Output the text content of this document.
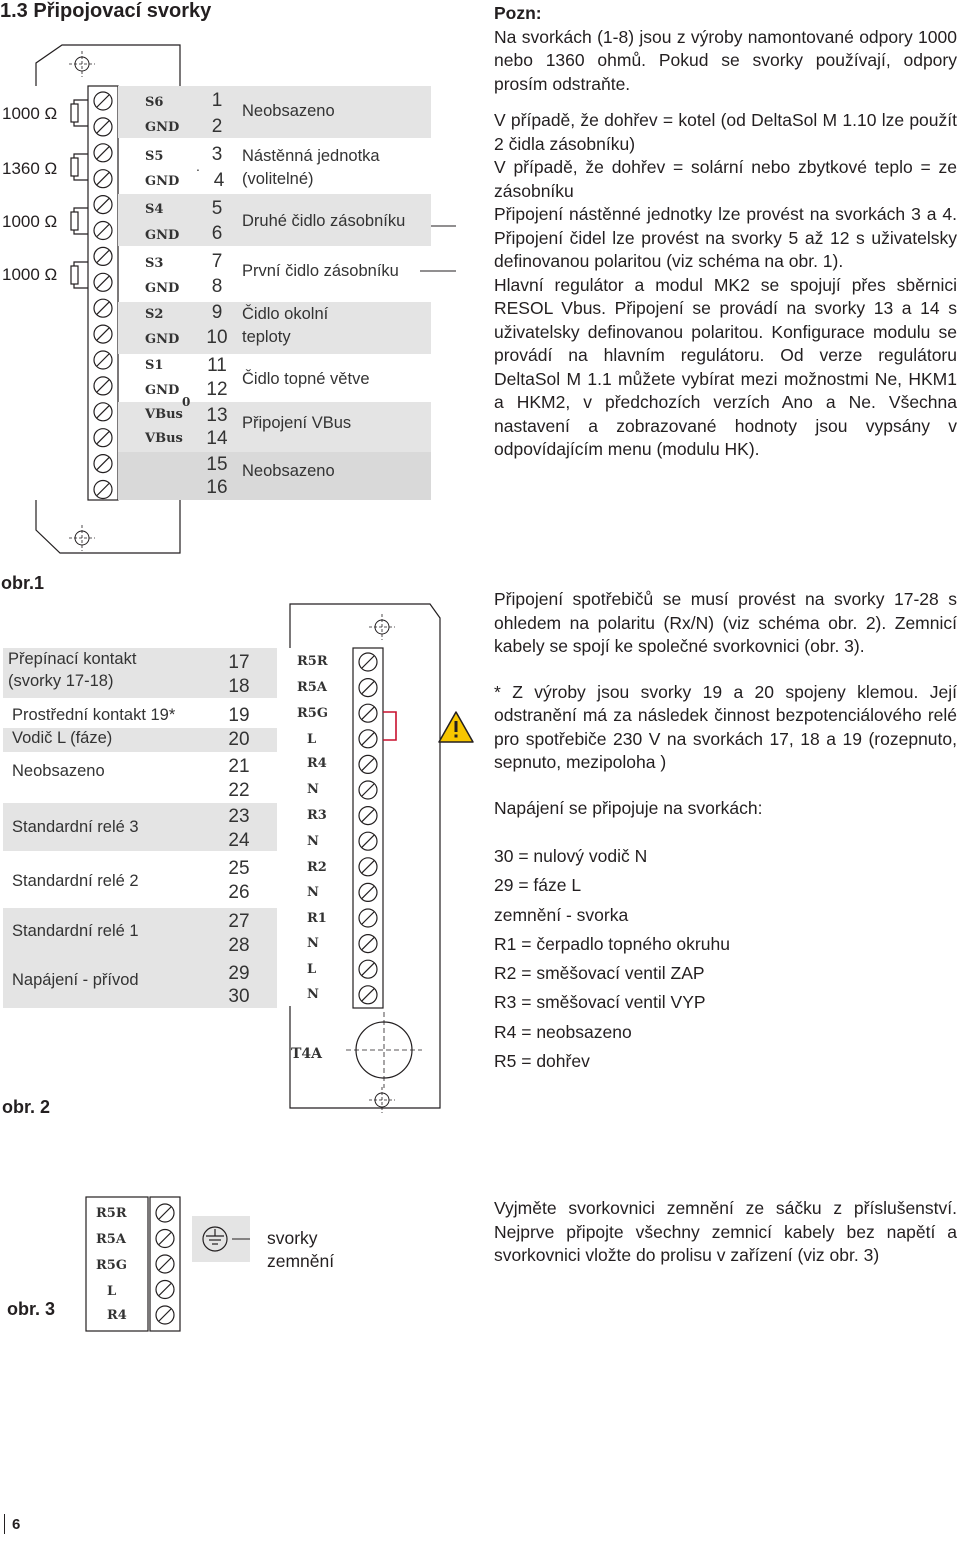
1.3 Připojovací svorky
1000 Ω
1360 Ω
1000 Ω
1000 Ω
S6
GND
S5
GND
S4
GND
S3
GND
S2
GND
S1
GND
VBus
VBus
0
1
2
3
4
·
5
6
7
8
9
10
11
12
13
14
15
16
Neobsazeno
Nástěnná jednotka
(volitelné)
Druhé čidlo zásobníku
První čidlo zásobníku
Čidlo okolní
teploty
Čidlo topné větve
Připojení VBus
Neobsazeno

Pozn:

Na svorkách (1-8) jsou z výroby namontované odpory 1000 nebo 1360 ohmů. Pokud se svorky používají, odpory prosím odstraňte.

V případě, že dohřev = kotel (od DeltaSol M 1.10 lze použít 2 čidla zásobníku)

V případě, že dohřev = solární nebo zbytkové teplo = ze zásobníku

Připojení nástěnné jednotky lze provést na svorkách 3 a 4. Připojení čidel lze provést na svorky 5 až 12 s uživatelsky definovanou polaritou (viz schéma na obr. 1).

Hlavní regulátor a modul MK2 se spojují přes sběrnici RESOL Vbus. Připojení se provádí na svorky 13 a 14 s uživatelsky definovanou polaritou. Konfigurace modulu se provádí na hlavním regulátoru. Od verze regulátoru DeltaSol M 1.1 můžete vybírat mezi možnostmi Ne, HKM1 a HKM2, v předchozích verzích Ano a Ne. Všechna nastavení a zobrazované hodnoty jsou vypsány v odpovídajícím menu (modulu HK).

obr.1
Přepínací kontakt
(svorky 17-18)
Prostřední kontakt 19*
Vodič L (fáze)
Neobsazeno
Standardní relé 3
Standardní relé 2
Standardní relé 1
Napájení - přívod
17
18
19
20
21
22
23
24
25
26
27
28
29
30
R5R
R5A
R5G
L
R4
N
R3
N
R2
N
R1
N
L
N
T4A
obr. 2

Připojení spotřebičů se musí provést na svorky 17-28 s ohledem na polaritu (Rx/N) (viz schéma obr. 2). Zemnicí kabely se spojí ke společné svorkovnici (obr. 3).

* Z výroby jsou svorky 19 a 20 spojeny klemou. Její odstranění má za následek činnost bezpotenciálového relé pro spotřebiče 230 V na svorkách 17, 18 a 19 (rozepnuto, sepnuto, mezipoloha )

Napájení se připojuje na svorkách:

30 = nulový vodič N

29 = fáze L

zemnění - svorka

R1 = čerpadlo topného okruhu

R2 = směšovací ventil ZAP

R3 = směšovací ventil VYP

R4 = neobsazeno

R5 = dohřev

R5R
R5A
R5G
L
R4
svorky
zemnění
obr. 3
Vyjměte svorkovnici zemnění ze sáčku z příslušenství. Nejprve připojte všechny zemnicí kabely bez napětí a svorkovnici vložte do prolisu v zařízení (viz obr. 3)
6
